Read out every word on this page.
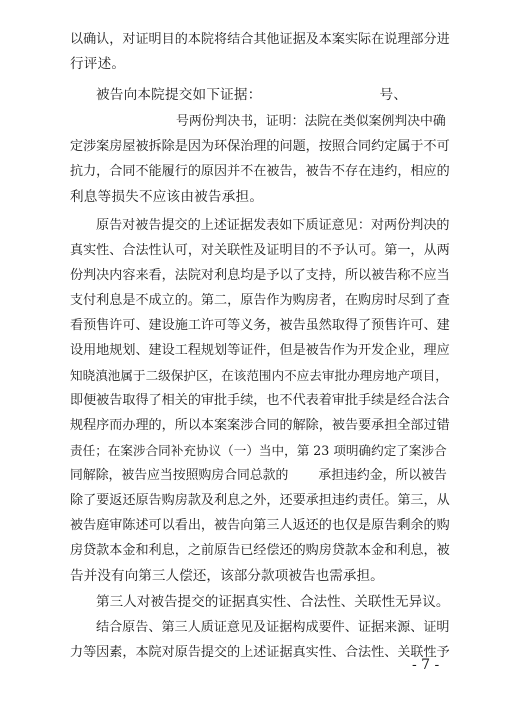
以确认，对证明目的本院将结合其他证据及本案实际在说理部分进
行评述。
被告向本院提交如下证据：	号、
号两份判决书，证明：法院在类似案例判决中确
定涉案房屋被拆除是因为环保治理的问题，按照合同约定属于不可
抗力，合同不能履行的原因并不在被告，被告不存在违约，相应的
利息等损失不应该由被告承担。
原告对被告提交的上述证据发表如下质证意见：对两份判决的
真实性、合法性认可，对关联性及证明目的不予认可。第一，从两
份判决内容来看，法院对利息均是予以了支持，所以被告称不应当
支付利息是不成立的。第二，原告作为购房者，在购房时尽到了查
看预售许可、建设施工许可等义务，被告虽然取得了预售许可、建
设用地规划、建设工程规划等证件，但是被告作为开发企业，理应
知晓滇池属于二级保护区，在该范围内不应去审批办理房地产项目，
即便被告取得了相关的审批手续，也不代表着审批手续是经合法合
规程序而办理的，所以本案案涉合同的解除，被告要承担全部过错
责任；在案涉合同补充协议（一）当中，第 23 项明确约定了案涉合
同解除，被告应当按照购房合同总款的 承担违约金，所以被告
除了要返还原告购房款及利息之外，还要承担违约责任。第三，从
被告庭审陈述可以看出，被告向第三人返还的也仅是原告剩余的购
房贷款本金和利息，之前原告已经偿还的购房贷款本金和利息，被
告并没有向第三人偿还，该部分款项被告也需承担。
第三人对被告提交的证据真实性、合法性、关联性无异议。
结合原告、第三人质证意见及证据构成要件、证据来源、证明
力等因素，本院对原告提交的上述证据真实性、合法性、关联性予
- 7 -
